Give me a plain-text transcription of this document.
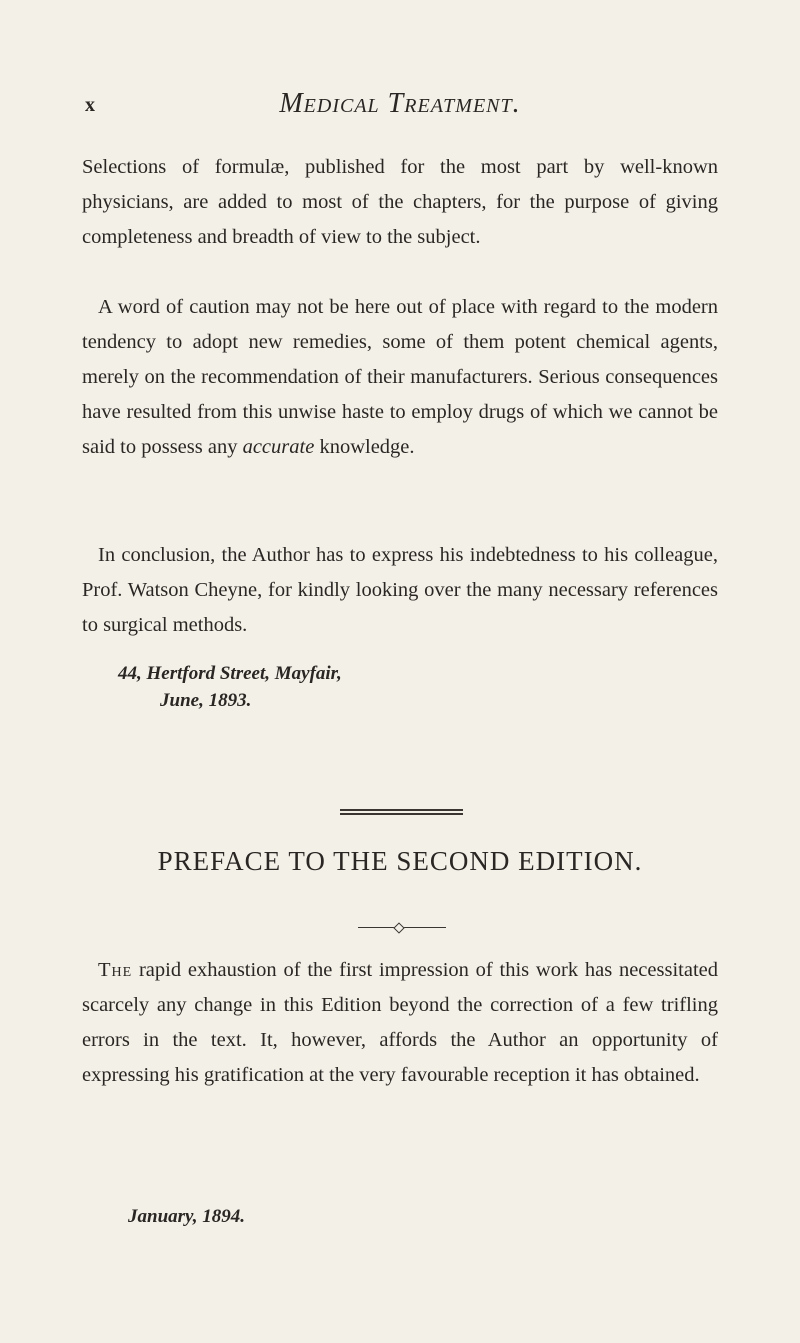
x	Medical Treatment.

Selections of formulæ, published for the most part by well-known physicians, are added to most of the chapters, for the purpose of giving completeness and breadth of view to the subject.

A word of caution may not be here out of place with regard to the modern tendency to adopt new remedies, some of them potent chemical agents, merely on the recommendation of their manufacturers. Serious consequences have resulted from this unwise haste to employ drugs of which we cannot be said to possess any accurate knowledge.

In conclusion, the Author has to express his indebtedness to his colleague, Prof. Watson Cheyne, for kindly looking over the many necessary references to surgical methods.

44, Hertford Street, Mayfair,
June, 1893.
PREFACE TO THE SECOND EDITION.
The rapid exhaustion of the first impression of this work has necessitated scarcely any change in this Edition beyond the correction of a few trifling errors in the text. It, however, affords the Author an opportunity of expressing his gratification at the very favourable reception it has obtained.
January, 1894.
